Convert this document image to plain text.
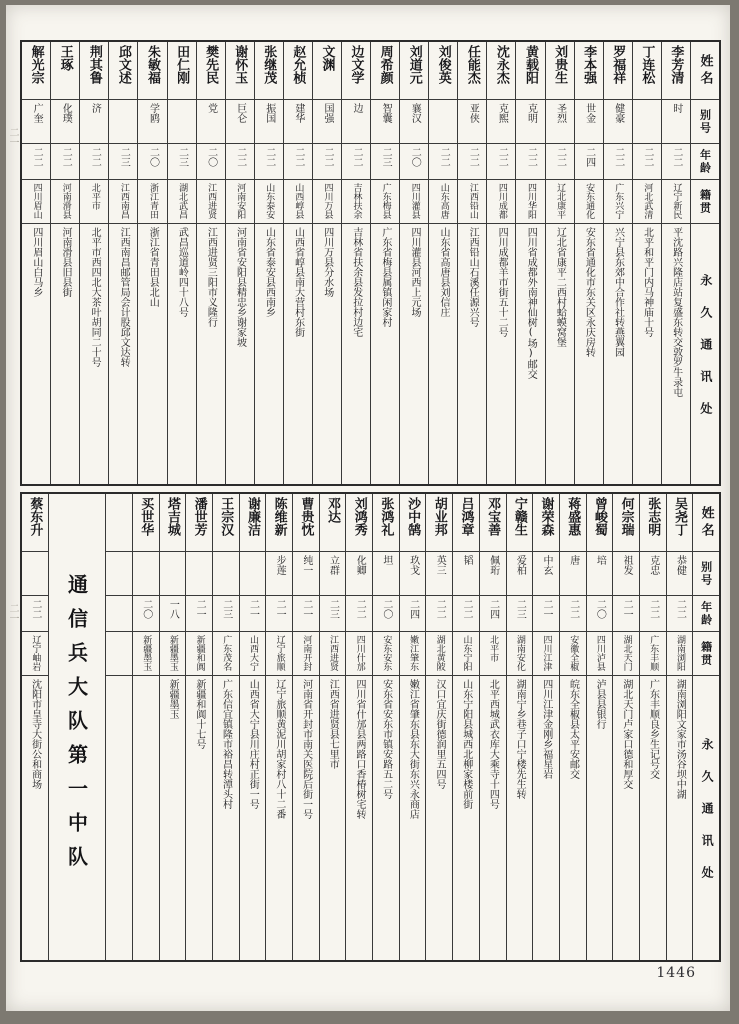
二一
二一
姓名
别号
年龄
籍贯
永久通讯处
李芳清
时
二二
辽宁新民
平沈路兴隆店站复盛东转交敦罗牛录屯
丁连松
二二
河北武清
北平和平门内马神庙十号
罗福祥
健豪
二二
广东兴宁
兴宁县东郊中合作社转燕翼园
李本强
世金
二四
安东通化
安东省通化市东关区永庆房转
刘贵生
圣烈
二二
辽北康平
辽北省康平二西村蛤蟆窝堡
黄载阳
克明
二二
四川华阳
四川省成都外南神仙树(场)邮交
沈永杰
克熙
二二
四川成都
四川成都羊市街五十二号
任能杰
亚侠
二二
江西铅山
江西铅山石溪任源兴号
刘俊英
二二
山东高唐
山东省高唐县刘信庄
刘道元
襄汉
二〇
四川灌县
四川灌县河西上元场
周希颜
智囊
二三
广东梅县
广东省梅县属镇闲家村
边文学
边
二二
吉林扶余
吉林省扶余县发拉村边宅
文渊
国强
二二
四川万县
四川万县分水场
赵允桢
建华
二二
山西崞县
山西省崞县南大营村东街
张继茂
振国
二二
山东泰安
山东省泰安县西南乡
谢怀玉
巨仑
二二
河南安阳
河南省安阳县精忠乡谢家坡
樊先民
党
二〇
江西进贤
江西进贤三阳市义隆行
田仁刚
二三
湖北武昌
武昌巡道岭四十八号
朱敏福
学鸥
二〇
浙江青田
浙江省青田县北山
邱文述
二三
江西南昌
江西南昌邮管局会计股邱文达转
荆其鲁
济
二二
北平市
北平市西四北大茶叶胡同二十号
王琢
化璞
二二
河南滑县
河南滑县旧县街
解光宗
广奎
二二
四川眉山
四川眉山白马乡
姓名
别号
年龄
籍贯
永久通讯处
吴尧丁
恭健
二二
湖南浏阳
湖南浏阳文家市汤谷坝中湖
张志明
克忠
二二
广东丰顺
广东丰顺良乡生记号交
何宗瑞
祖发
二一
湖北天门
湖北天门卢家口德和厚交
曾峻蜀
培
二〇
四川泸县
泸县县银行
蒋盛惠
唐
二二
安徽全椒
皖东全椒县太平安邮交
谢荣森
中玄
二一
四川江津
四川江津金刚乡福星岩
宁赣生
爱柏
二三
湖南安化
湖南宁乡巷子口宁楼先生转
邓宝善
佩珩
二四
北平市
北平西城武衣库大乘寺十四号
吕鸿章
韬
二二
山东宁阳
山东宁阳县城西北柳家楼前街
胡业邦
英三
二二
湖北黄陂
汉口宜庆街德润里五四号
沙中鹄
玖戈
二四
嫩江肇东
嫩江省肇东县东大街东兴永商店
张鸿礼
坦
二〇
安东安东
安东省安东市镇安路五二号
刘鸿秀
化卿
二二
四川什邡
四川省什邡县两路口香椿树宅转
邓达
立群
二三
江西进贤
江西省进贤县七里市
曹贵忱
纯一
二一
河南开封
河南省开封市南关医院后街一号
陈维新
步莲
二一
辽宁旅顺
辽宁旅顺黄泥川胡家村八十二番
谢廉洁
二一
山西大宁
山西省大宁县川庄村正街一号
王宗汉
二三
广东茂名
广东信宜镇隆市裕昌转潭头村
潘世芳
二一
新疆和阗
新疆和阗十七号
塔吉城
一八
新疆墨玉
新疆墨玉
买世华
二〇
新疆墨玉
通信兵大队第一中队
蔡东升
二二
辽宁岫岩
沈阳市皇寺大街公和商场
1446
